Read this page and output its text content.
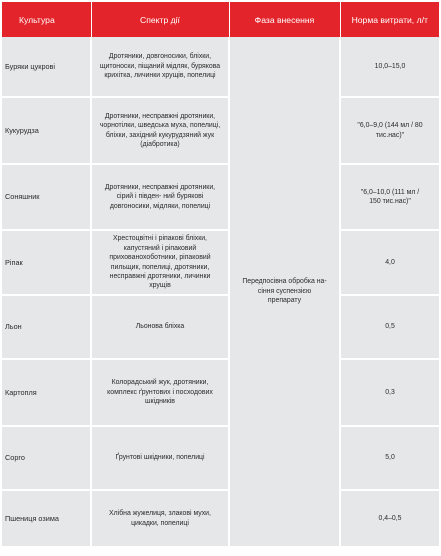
Культура	Спектр дії	Фаза внесення	Норма витрати, л/т
Буряки цукрові	Дротяники, довгоносики, бліхки, щитоноски, піщаний мідляк, бурякова крихітка, личинки хрущів, попелиці	Передпосівна обробка на- сіння суспензією препарату	10,0–15,0
Кукурудза	Дротяники, несправжні дротяники, чорнотілки, шведська муха, попелиці, бліхки, західний кукурудзяний жук (діабротика)		"6,0–9,0 (144 мл / 80 тис.нас)"
Соняшник	Дротяники, несправжні дротяники, сірий і півден- ний бурякові довгоносики, мідляки, попелиці		"6,0–10,0 (111 мл / 150 тис.нас)"
Ріпак	Хрестоцвітні і ріпакові бліхки, капустяний і ріпаковий прихованохоботники, ріпаковий пильщик, попелиці, дротяники, несправжні дротяники, личинки хрущів		4,0
Льон	Льонова бліхка		0,5
Картопля	Колорадський жук, дротяники, комплекс ґрунтових і посходових шкідників		0,3
Сорго	Ґрунтові шкідники, попелиці		5,0
Пшениця озима	Хлібна жужелиця, злакові мухи, цикадки, попелиці		0,4–0,5
